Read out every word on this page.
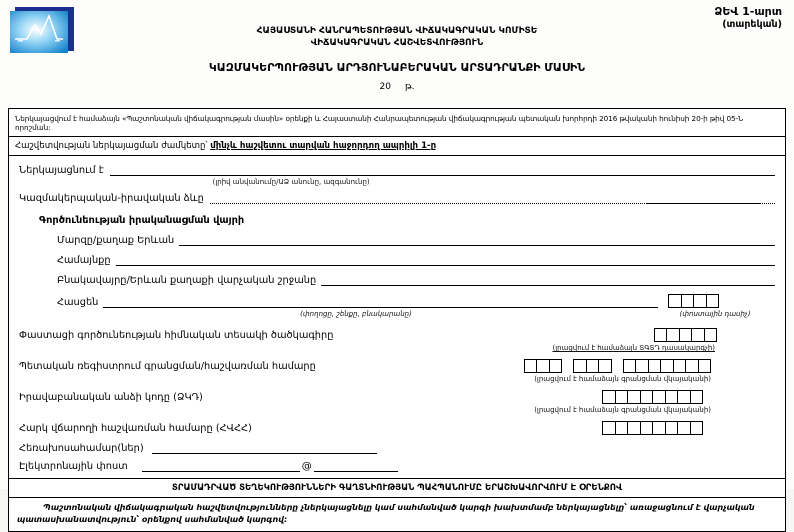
ՁԵՎ 1-արտ
(տարեկան)
ՀԱՅԱՍՏԱՆԻ ՀԱՆՐԱՊԵՏՈՒԹՅԱՆ ՎԻՃԱԿԱԳՐԱԿԱՆ ԿՈՄԻՏԵ
ՎԻՃԱԿԱԳՐԱԿԱՆ ՀԱՇՎԵՏՎՈՒԹՅՈՒՆ
ԿԱԶՄԱԿԵՐՊՈՒԹՅԱՆ ԱՐԴՅՈՒՆԱԲԵՐԱԿԱՆ ԱՐՏԱԴՐԱՆՔԻ ՄԱՍԻՆ
20 թ.
Ներկայացվում է համաձայն «Պաշտոնական վիճակագրության մասին» օրենքի և Հայաստանի Հանրապետության վիճակագրության պետական խորհրդի 2016 թվականի հունիսի 20-ի թիվ 05-Ն որոշման:
Հաշվետվության ներկայացման ժամկետը՝ մինչև հաշվետու տարվան հաջորդող ապրիլի 1-ը
Ներկայացնում է
(լրիվ անվանումը/ԱՁ անունը, ազգանունը)
Կազմակերպական-իրավական ձևը
Գործունեության իրականացման վայրի
Մարզը/քաղաք Երևան
Համայնքը
Բնակավայրը/Երևան քաղաքի վարչական շրջանը
Հասցեն
(փողոցը, շենքը, բնակարանը)	(փոստային դասիչ)
Փաստացի գործունեության հիմնական տեսակի ծածկագիրը
(լրացվում է համաձայն ՏԳՏԴ դասակարգչի)
Պետական ռեգիստրում գրանցման/հաշվառման համարը
(լրացվում է համաձայն գրանցման վկայականի)
Իրավաբանական անձի կոդը (ՁԿԴ)
(լրացվում է համաձայն գրանցման վկայականի)
Հարկ վճարողի հաշվառման համարը (ՀՎՀՀ)
Հեռախոսահամար(ներ)
Էլեկտրոնային փոստ	@
ՏՐԱՄԱԴՐՎԱԾ ՏԵՂԵԿՈՒԹՅՈՒՆՆԵՐԻ ԳԱՂՏՆԻՈՒԹՅԱՆ ՊԱՀՊԱՆՈՒՄԸ ԵՐԱՇԽԱՎՈՐՎՈՒՄ Է ՕՐԵՆՔՈՎ

Պաշտոնական վիճակագրական հաշվետվությունները չներկայացնելը կամ սահմանված կարգի խախտմամբ ներկայացնելը՝ առաջացնում է վարչական պատասխանատվություն՝ օրենքով սահմանված կարգով:
